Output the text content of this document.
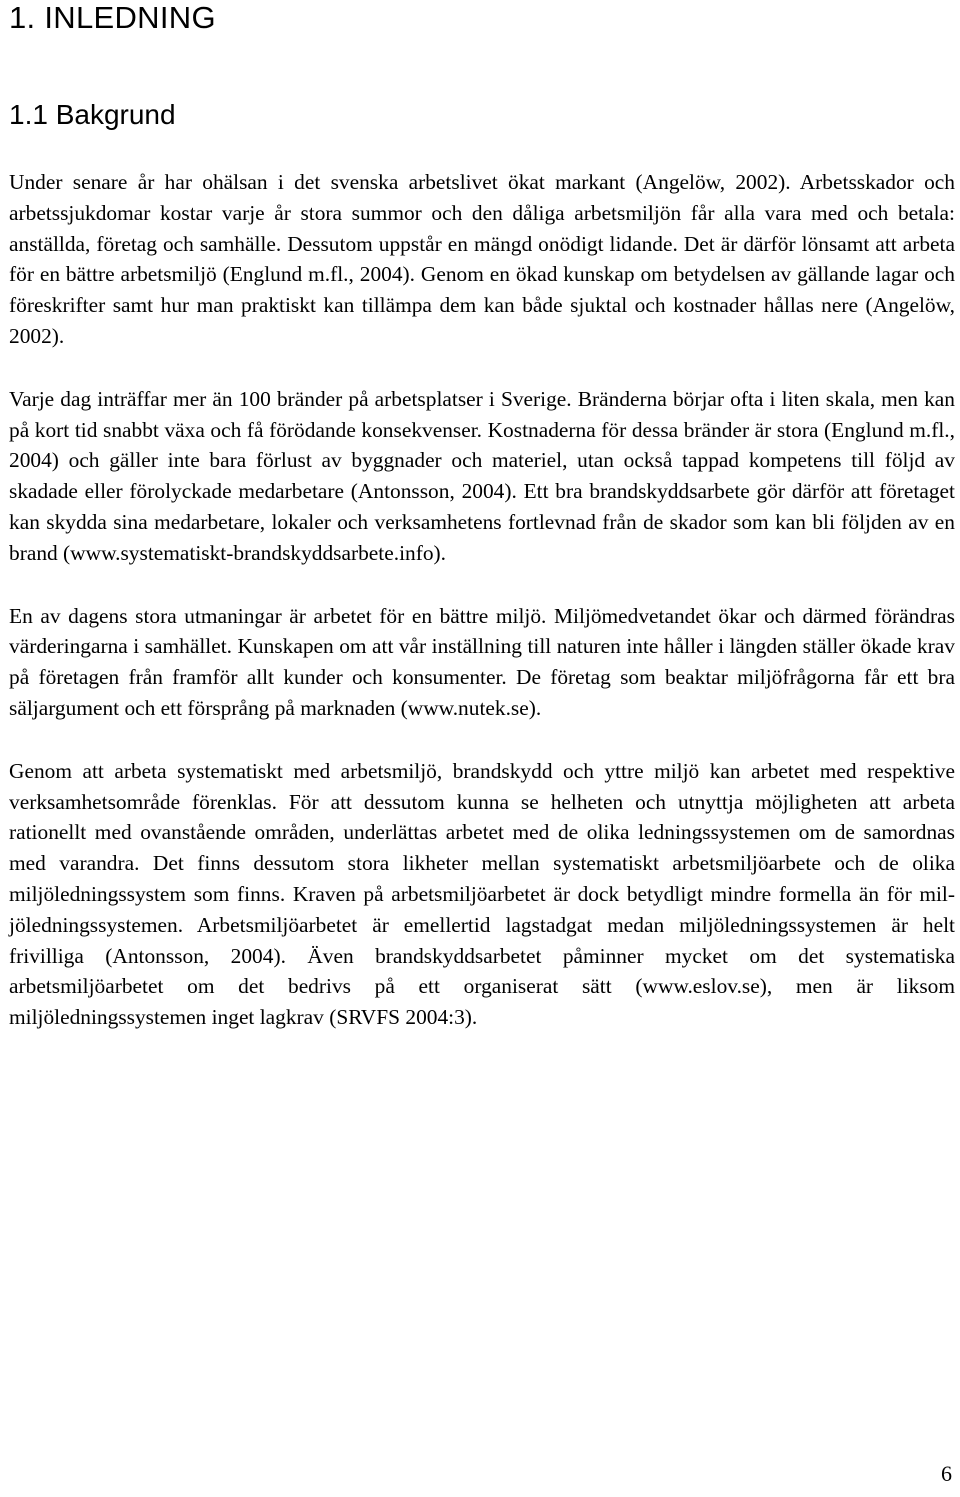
1. INLEDNING
1.1 Bakgrund

Under senare år har ohälsan i det svenska arbetslivet ökat markant (Angelöw, 2002). Arbetsskador och arbetssjukdomar kostar varje år stora summor och den dåliga arbetsmiljön får alla vara med och betala: anställda, företag och samhälle. Dessutom uppstår en mängd onödigt lidande. Det är därför lönsamt att arbeta för en bättre arbetsmiljö (Englund m.fl., 2004). Genom en ökad kunskap om betydelsen av gällande lagar och föreskrifter samt hur man praktiskt kan tillämpa dem kan både sjuktal och kostnader hållas nere (Angelöw, 2002).

Varje dag inträffar mer än 100 bränder på arbetsplatser i Sverige. Bränderna börjar ofta i liten skala, men kan på kort tid snabbt växa och få förödande konsekvenser. Kostnaderna för dessa bränder är stora (Englund m.fl., 2004) och gäller inte bara förlust av byggnader och materiel, utan också tappad kompetens till följd av skadade eller förolyckade medarbetare (Antonsson, 2004). Ett bra brandskyddsarbete gör därför att företaget kan skydda sina medarbetare, lokaler och verksamhetens fortlevnad från de skador som kan bli följden av en brand (www.systematiskt-brandskyddsarbete.info).

En av dagens stora utmaningar är arbetet för en bättre miljö. Miljömedvetandet ökar och därmed förändras värderingarna i samhället. Kunskapen om att vår inställning till naturen inte håller i längden ställer ökade krav på företagen från framför allt kunder och konsumenter. De företag som beaktar miljöfrågorna får ett bra säljargument och ett försprång på marknaden (www.nutek.se).

Genom att arbeta systematiskt med arbetsmiljö, brandskydd och yttre miljö kan arbetet med respektive verksamhetsområde förenklas. För att dessutom kunna se helheten och utnyttja möjligheten att arbeta rationellt med ovanstående områden, underlättas arbetet med de olika ledningssystemen om de samordnas med varandra. Det finns dessutom stora likheter mellan systematiskt arbetsmiljöarbete och de olika miljöledningssystem som finns. Kraven på arbetsmiljöarbetet är dock betydligt mindre formella än för miljöledningssystemen. Arbetsmiljöarbetet är emellertid lagstadgat medan miljöledningssystemen är helt frivilliga (Antonsson, 2004). Även brandskyddsarbetet påminner mycket om det systematiska arbetsmiljöarbetet om det bedrivs på ett organiserat sätt (www.eslov.se), men är liksom miljöledningssystemen inget lagkrav (SRVFS 2004:3).

6
